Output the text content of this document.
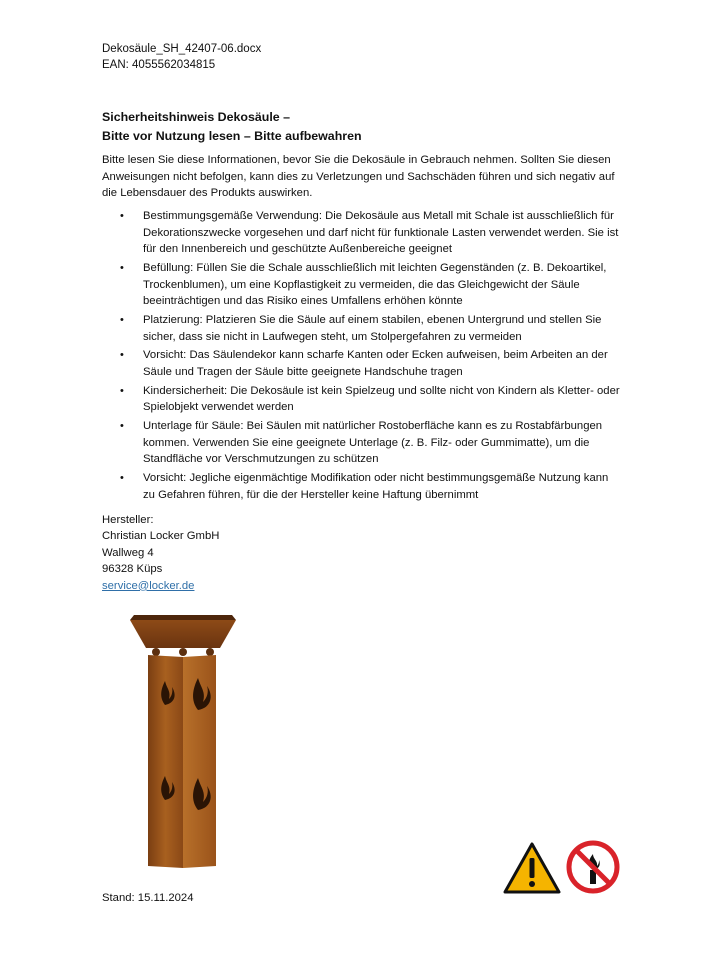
Dekosäule_SH_42407-06.docx
EAN: 4055562034815
Sicherheitshinweis Dekosäule –
Bitte vor Nutzung lesen – Bitte aufbewahren
Bitte lesen Sie diese Informationen, bevor Sie die Dekosäule in Gebrauch nehmen. Sollten Sie diesen Anweisungen nicht befolgen, kann dies zu Verletzungen und Sachschäden führen und sich negativ auf die Lebensdauer des Produkts auswirken.
• Bestimmungsgemäße Verwendung: Die Dekosäule aus Metall mit Schale ist ausschließlich für Dekorationszwecke vorgesehen und darf nicht für funktionale Lasten verwendet werden. Sie ist für den Innenbereich und geschützte Außenbereiche geeignet
• Befüllung: Füllen Sie die Schale ausschließlich mit leichten Gegenständen (z. B. Dekoartikel, Trockenblumen), um eine Kopflastigkeit zu vermeiden, die das Gleichgewicht der Säule beeinträchtigen und das Risiko eines Umfallens erhöhen könnte
• Platzierung: Platzieren Sie die Säule auf einem stabilen, ebenen Untergrund und stellen Sie sicher, dass sie nicht in Laufwegen steht, um Stolpergefahren zu vermeiden
• Vorsicht: Das Säulendekor kann scharfe Kanten oder Ecken aufweisen, beim Arbeiten an der Säule und Tragen der Säule bitte geeignete Handschuhe tragen
• Kindersicherheit: Die Dekosäule ist kein Spielzeug und sollte nicht von Kindern als Kletter- oder Spielobjekt verwendet werden
• Unterlage für Säule: Bei Säulen mit natürlicher Rostoberfläche kann es zu Rostabfärbungen kommen. Verwenden Sie eine geeignete Unterlage (z. B. Filz- oder Gummimatte), um die Standfläche vor Verschmutzungen zu schützen
• Vorsicht: Jegliche eigenmächtige Modifikation oder nicht bestimmungsgemäße Nutzung kann zu Gefahren führen, für die der Hersteller keine Haftung übernimmt
Hersteller:
Christian Locker GmbH
Wallweg 4
96328 Küps
service@locker.de
Stand: 15.11.2024
